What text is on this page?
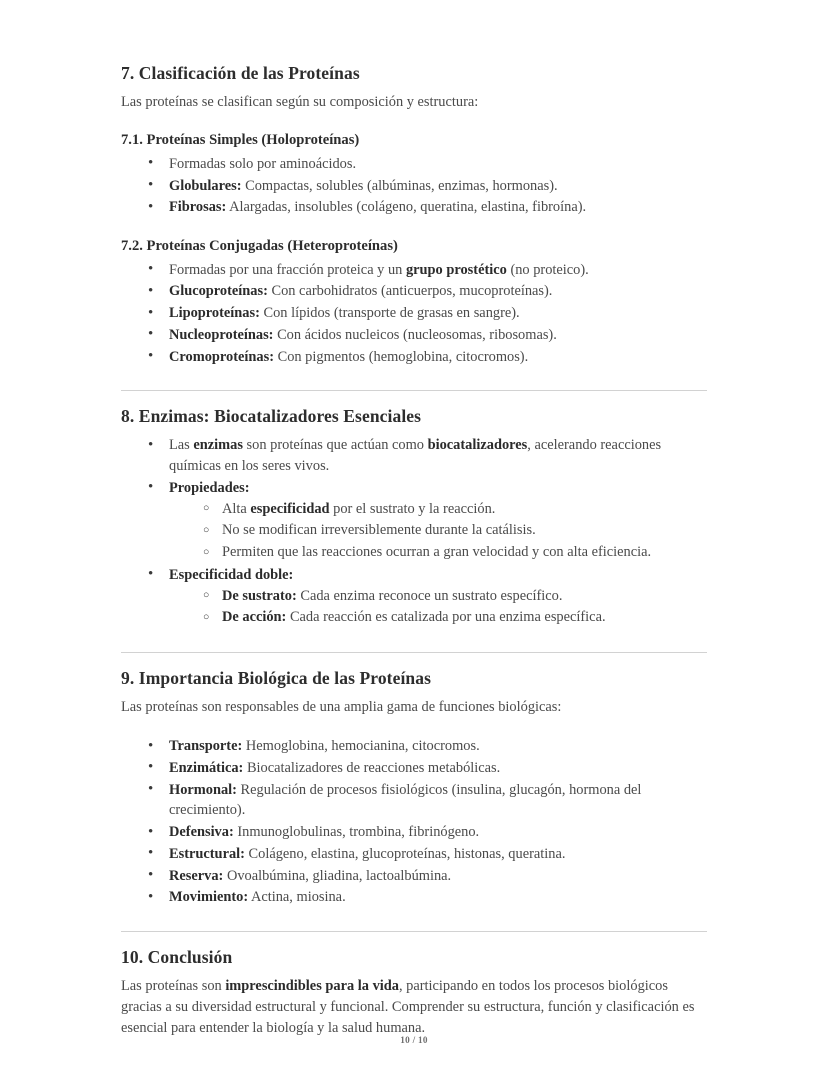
7. Clasificación de las Proteínas

Las proteínas se clasifican según su composición y estructura:

7.1. Proteínas Simples (Holoproteínas)
• Formadas solo por aminoácidos.
• Globulares: Compactas, solubles (albúminas, enzimas, hormonas).
• Fibrosas: Alargadas, insolubles (colágeno, queratina, elastina, fibroína).
7.2. Proteínas Conjugadas (Heteroproteínas)
• Formadas por una fracción proteica y un grupo prostético (no proteico).
• Glucoproteínas: Con carbohidratos (anticuerpos, mucoproteínas).
• Lipoproteínas: Con lípidos (transporte de grasas en sangre).
• Nucleoproteínas: Con ácidos nucleicos (nucleosomas, ribosomas).
• Cromoproteínas: Con pigmentos (hemoglobina, citocromos).
8. Enzimas: Biocatalizadores Esenciales
• Las enzimas son proteínas que actúan como biocatalizadores, acelerando reacciones químicas en los seres vivos.
• Propiedades:
○ Alta especificidad por el sustrato y la reacción.
○ No se modifican irreversiblemente durante la catálisis.
○ Permiten que las reacciones ocurran a gran velocidad y con alta eficiencia.
• Especificidad doble:
○ De sustrato: Cada enzima reconoce un sustrato específico.
○ De acción: Cada reacción es catalizada por una enzima específica.
9. Importancia Biológica de las Proteínas

Las proteínas son responsables de una amplia gama de funciones biológicas:

• Transporte: Hemoglobina, hemocianina, citocromos.
• Enzimática: Biocatalizadores de reacciones metabólicas.
• Hormonal: Regulación de procesos fisiológicos (insulina, glucagón, hormona del crecimiento).
• Defensiva: Inmunoglobulinas, trombina, fibrinógeno.
• Estructural: Colágeno, elastina, glucoproteínas, histonas, queratina.
• Reserva: Ovoalbúmina, gliadina, lactoalbúmina.
• Movimiento: Actina, miosina.
10. Conclusión

Las proteínas son imprescindibles para la vida, participando en todos los procesos biológicos gracias a su diversidad estructural y funcional. Comprender su estructura, función y clasificación es esencial para entender la biología y la salud humana.

10 / 10
